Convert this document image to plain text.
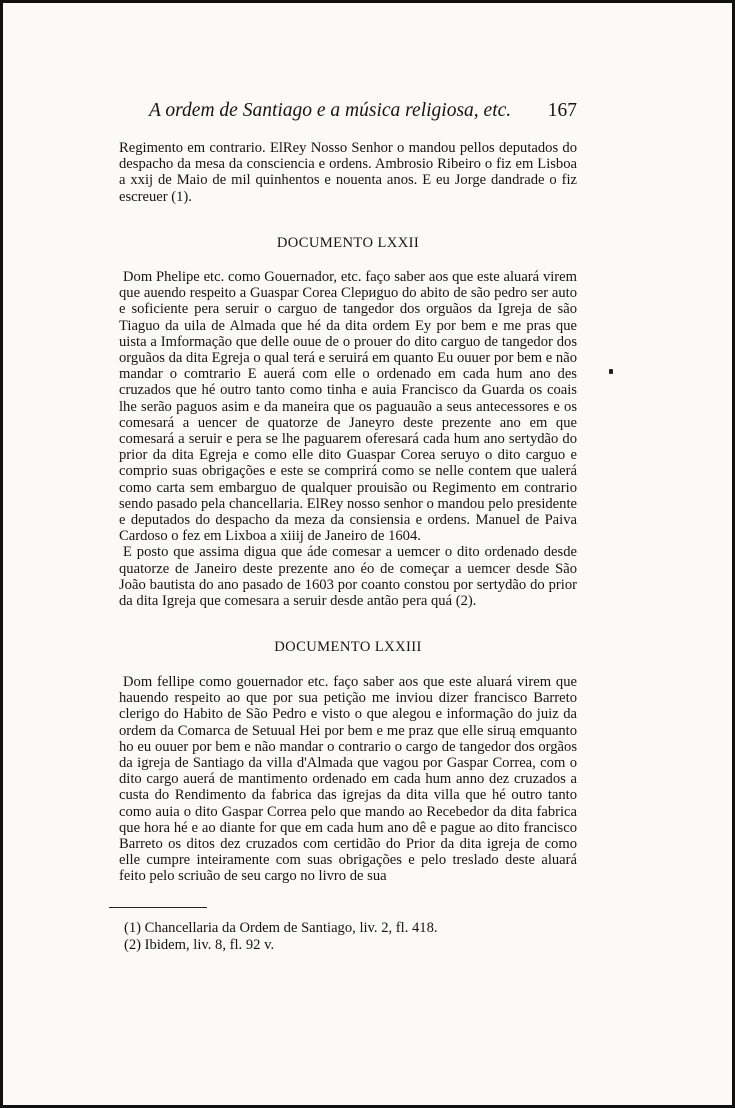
A ordem de Santiago e a música religiosa, etc. 167

Regimento em contrario. ElRey Nosso Senhor o mandou pellos deputados do despacho da mesa da consciencia e ordens. Ambrosio Ribeiro o fiz em Lisboa a xxij de Maio de mil quinhentos e nouenta anos. E eu Jorge dandrade o fiz escreuer (1).

DOCUMENTO LXXII

Dom Phelipe etc. como Gouernador, etc. faço saber aos que este aluará virem que auendo respeito a Guaspar Corea Clериguo do abito de são pedro ser auto e soficiente pera seruir o carguo de tangedor dos orguãos da Igreja de são Tiaguo da uila de Almada que hé da dita ordem Ey por bem e me pras que uista a Imformação que delle ouue de o prouer do dito carguo de tangedor dos orguãos da dita Egreja o qual terá e seruirá em quanto Eu ouuer por bem e não mandar o comtrario E auerá com elle o ordenado em cada hum ano des cruzados que hé outro tanto como tinha e auia Francisco da Guarda os coais lhe serão paguos asim e da maneira que os paguauão a seus antecessores e os comesará a uencer de quatorze de Janeyro deste prezente ano em que comesará a seruir e pera se lhe paguarem oferesará cada hum ano sertydão do prior da dita Egreja e como elle dito Guaspar Corea seruyo o dito carguo e comprio suas obrigações e este se comprirá como se nelle contem que ualerá como carta sem embarguo de qualquer prouisão ou Regimento em contrario sendo pasado pela chancellaria. ElRey nosso senhor o mandou pelo presidente e deputados do despacho da meza da consiensia e ordens. Manuel de Paiva Cardoso o fez em Lixboa a xiiij de Janeiro de 1604.

E posto que assima digua que áde comesar a uemcer o dito ordenado desde quatorze de Janeiro deste prezente ano éo de começar a uemcer desde São João bautista do ano pasado de 1603 por coanto constou por sertydão do prior da dita Igreja que comesara a seruir desde antão pera quá (2).

DOCUMENTO LXXIII

Dom fellipe como gouernador etc. faço saber aos que este aluará virem que hauendo respeito ao que por sua petição me inviou dizer francisco Barreto clerigo do Habito de São Pedro e visto o que alegou e informação do juiz da ordem da Comarca de Setuual Hei por bem e me praz que elle siruą emquanto ho eu ouuer por bem e não mandar o contrario o cargo de tangedor dos orgãos da igreja de Santiago da villa d'Almada que vagou por Gaspar Correa, com o dito cargo auerá de mantimento ordenado em cada hum anno dez cruzados a custa do Rendimento da fabrica das igrejas da dita villa que hé outro tanto como auia o dito Gaspar Correa pelo que mando ao Recebedor da dita fabrica que hora hé e ao diante for que em cada hum ano dê e pague ao dito francisco Barreto os ditos dez cruzados com certidão do Prior da dita igreja de como elle cumpre inteiramente com suas obrigações e pelo treslado deste aluará feito pelo scriuão de seu cargo no livro de sua

(1) Chancellaria da Ordem de Santiago, liv. 2, fl. 418.
(2) Ibidem, liv. 8, fl. 92 v.
